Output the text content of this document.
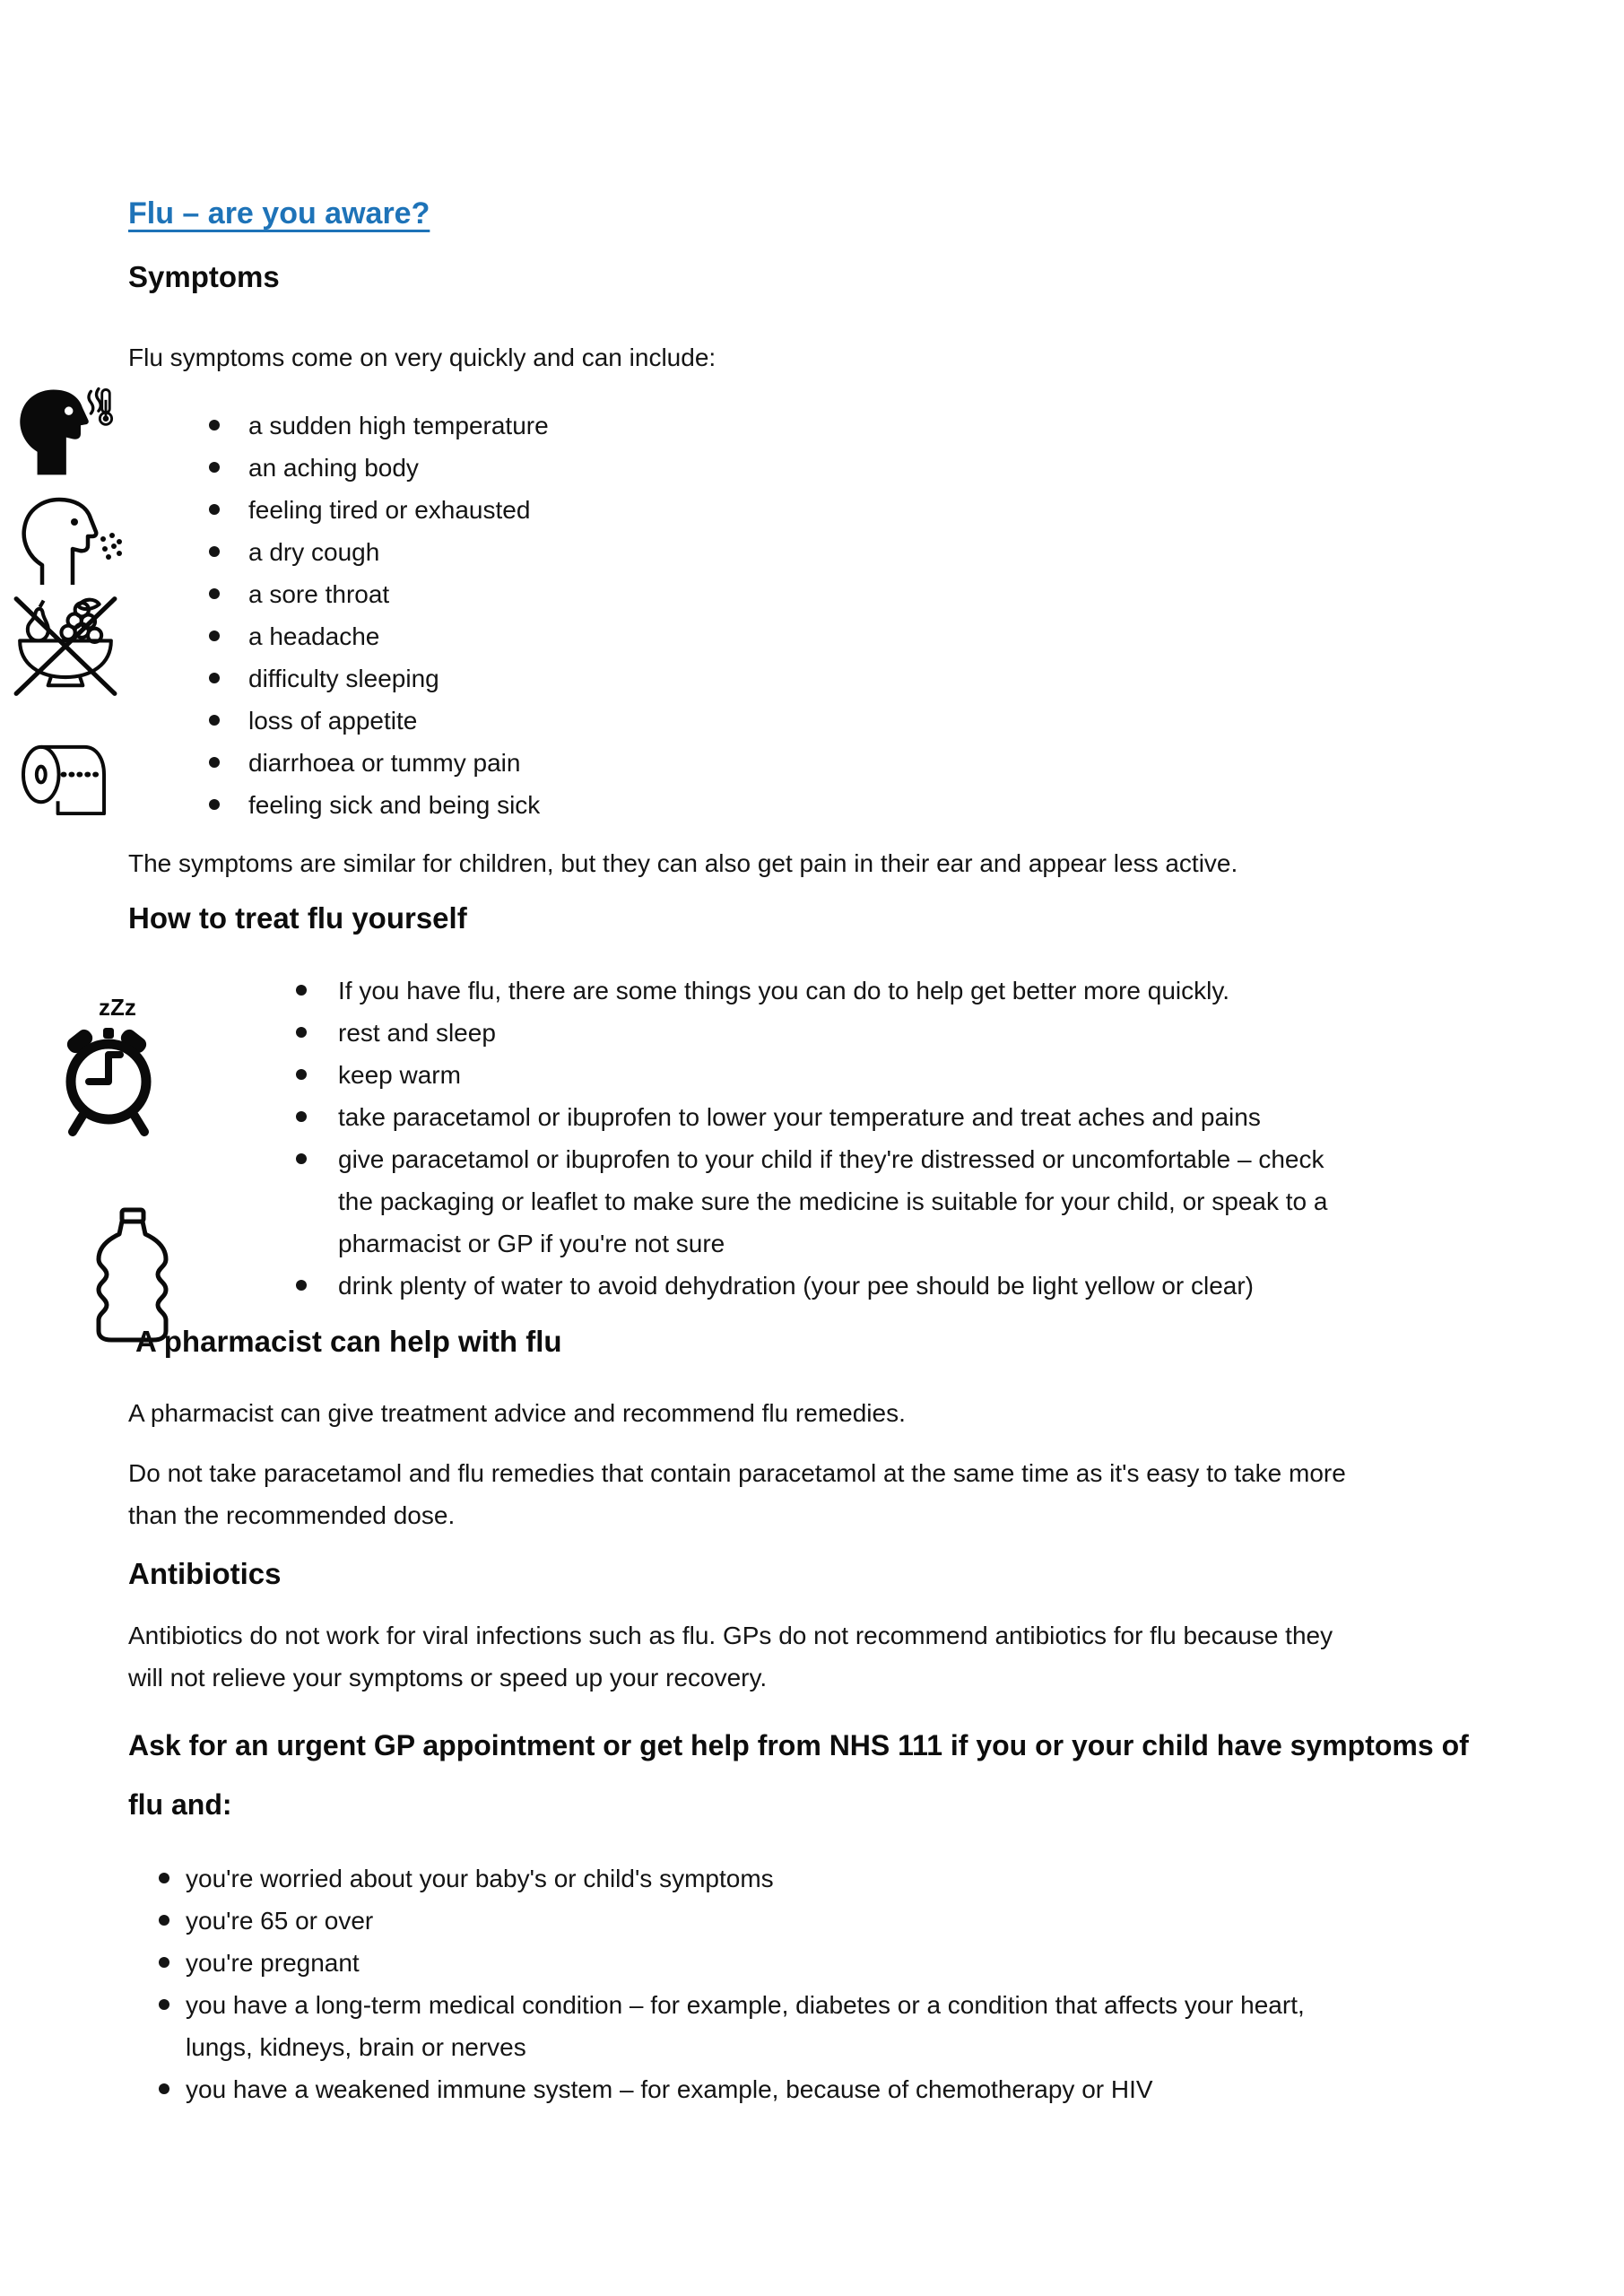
zZz
Flu – are you aware?
Symptoms

Flu symptoms come on very quickly and can include:

a sudden high temperature
an aching body
feeling tired or exhausted
a dry cough
a sore throat
a headache
difficulty sleeping
loss of appetite
diarrhoea or tummy pain
feeling sick and being sick

The symptoms are similar for children, but they can also get pain in their ear and appear less active.

How to treat flu yourself
If you have flu, there are some things you can do to help get better more quickly.
rest and sleep
keep warm
take paracetamol or ibuprofen to lower your temperature and treat aches and pains
give paracetamol or ibuprofen to your child if they're distressed or uncomfortable – check the packaging or leaflet to make sure the medicine is suitable for your child, or speak to a pharmacist or GP if you're not sure
drink plenty of water to avoid dehydration (your pee should be light yellow or clear)
A pharmacist can help with flu

A pharmacist can give treatment advice and recommend flu remedies.

Do not take paracetamol and flu remedies that contain paracetamol at the same time as it's easy to take more than the recommended dose.

Antibiotics

Antibiotics do not work for viral infections such as flu. GPs do not recommend antibiotics for flu because they will not relieve your symptoms or speed up your recovery.

Ask for an urgent GP appointment or get help from NHS 111 if you or your child have symptoms of flu and:
you're worried about your baby's or child's symptoms
you're 65 or over
you're pregnant
you have a long-term medical condition – for example, diabetes or a condition that affects your heart, lungs, kidneys, brain or nerves
you have a weakened immune system – for example, because of chemotherapy or HIV
